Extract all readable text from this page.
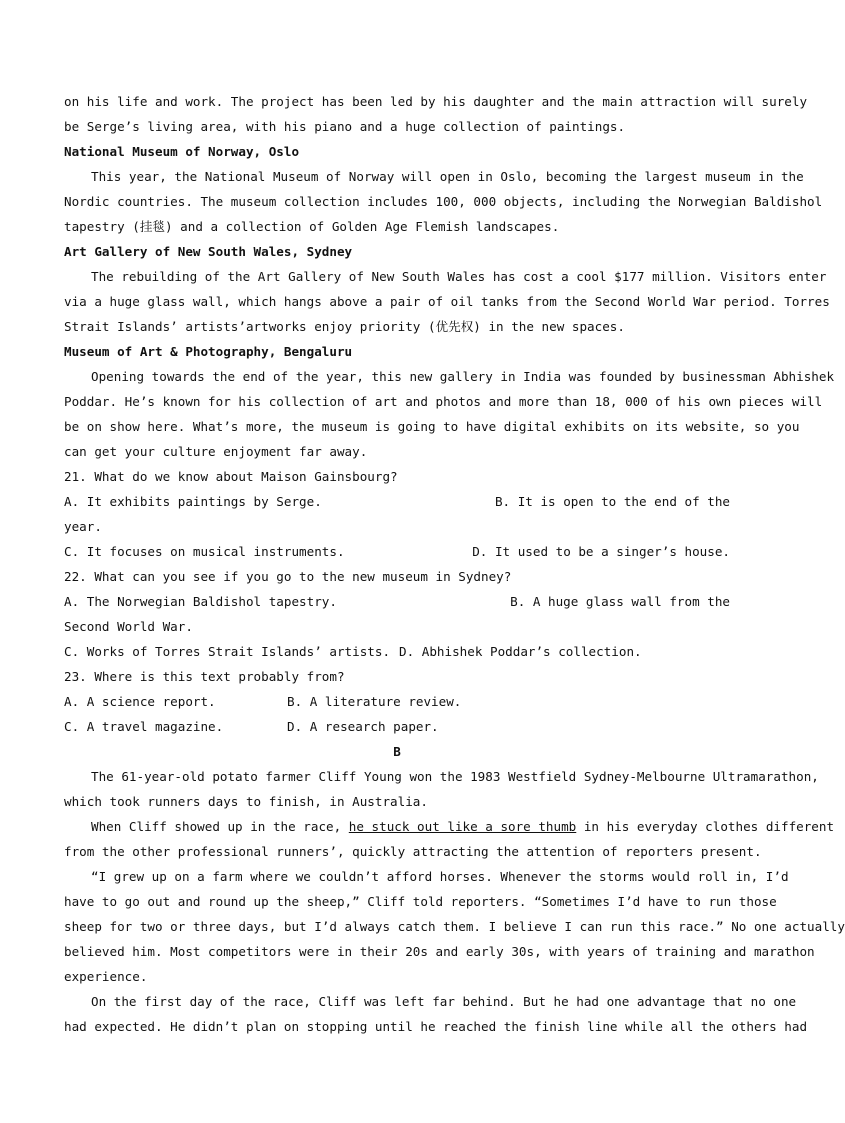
on his life and work. The project has been led by his daughter and the main attraction will surely
be Serge’s living area, with his piano and a huge collection of paintings.
National Museum of Norway, Oslo
This year, the National Museum of Norway will open in Oslo, becoming the largest museum in the
Nordic countries. The museum collection includes 100, 000 objects, including the Norwegian Baldishol
tapestry (挂毯) and a collection of Golden Age Flemish landscapes.
Art Gallery of New South Wales, Sydney
The rebuilding of the Art Gallery of New South Wales has cost a cool $177 million. Visitors enter
via a huge glass wall, which hangs above a pair of oil tanks from the Second World War period. Torres
Strait Islands’ artists’artworks enjoy priority (优先权) in the new spaces.
Museum of Art & Photography, Bengaluru
Opening towards the end of the year, this new gallery in India was founded by businessman Abhishek
Poddar. He’s known for his collection of art and photos and more than 18, 000 of his own pieces will
be on show here. What’s more, the museum is going to have digital exhibits on its website, so you
can get your culture enjoyment far away.
21. What do we know about Maison Gainsbourg?
A. It exhibits paintings by Serge.	B. It is open to the end of the
year.
C. It focuses on musical instruments.	D. It used to be a singer’s house.
22. What can you see if you go to the new museum in Sydney?
A. The Norwegian Baldishol tapestry.	B. A huge glass wall from the
Second World War.
C. Works of Torres Strait Islands’ artists. D. Abhishek Poddar’s collection.
23. Where is this text probably from?
A. A science report.	B. A literature review.
C. A travel magazine.	D. A research paper.
B
The 61-year-old potato farmer Cliff Young won the 1983 Westfield Sydney-Melbourne Ultramarathon,
which took runners days to finish, in Australia.
When Cliff showed up in the race, he stuck out like a sore thumb in his everyday clothes different
from the other professional runners’, quickly attracting the attention of reporters present.
“I grew up on a farm where we couldn’t afford horses. Whenever the storms would roll in, I’d
have to go out and round up the sheep,” Cliff told reporters. “Sometimes I’d have to run those
sheep for two or three days, but I’d always catch them. I believe I can run this race.” No one actually
believed him. Most competitors were in their 20s and early 30s, with years of training and marathon
experience.
On the first day of the race, Cliff was left far behind. But he had one advantage that no one
had expected. He didn’t plan on stopping until he reached the finish line while all the others had
